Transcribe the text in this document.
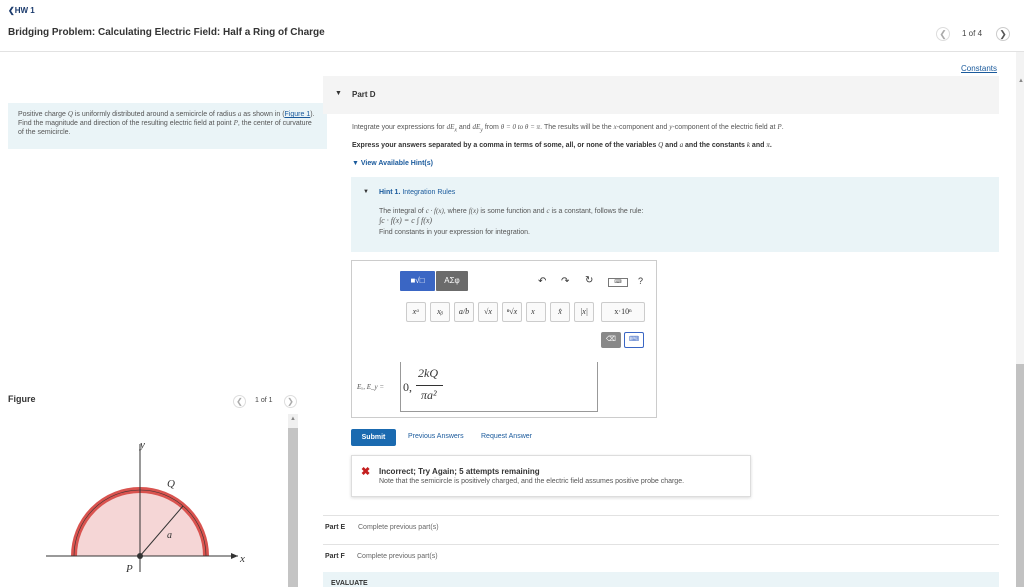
❮HW 1
Bridging Problem: Calculating Electric Field: Half a Ring of Charge	❮	1 of 4	❯
Positive charge Q is uniformly distributed around a semicircle of radius a as shown in (Figure 1). Find the magnitude and direction of the resulting electric field at point P, the center of curvature of the semicircle.
Figure	❮	1 of 1	❯
▲
y
x
Q
a
P
Constants
▲
▼ Part D
Integrate your expressions for $dE_x$ and $dE_y$ from θ = 0 to θ = π. The results will be the x-component and y-component of the electric field at P.
Express your answers separated by a comma in terms of some, all, or none of the variables Q and a and the constants k and π.
▼ View Available Hint(s)
▼ Hint 1. Integration Rules
The integral of c · f(x), where f(x) is some function and c is a constant, follows the rule:
∫c · f(x) = c ∫ f(x)
Find constants in your expression for integration.
■√□	ΑΣφ	↶ ↷ ↻	⌨	?
xᵃ	xᵦ	a/b	√x	ⁿ√x	x⃗	x̂	|x|	x·10ⁿ
⌫	⌨
Eₓ, E_y = 0,
2kQ
πa²
Submit	Previous Answers Request Answer
✖ Incorrect; Try Again; 5 attempts remaining
Note that the semicircle is positively charged, and the electric field assumes positive probe charge.
Part E Complete previous part(s)
Part F Complete previous part(s)
EVALUATE
